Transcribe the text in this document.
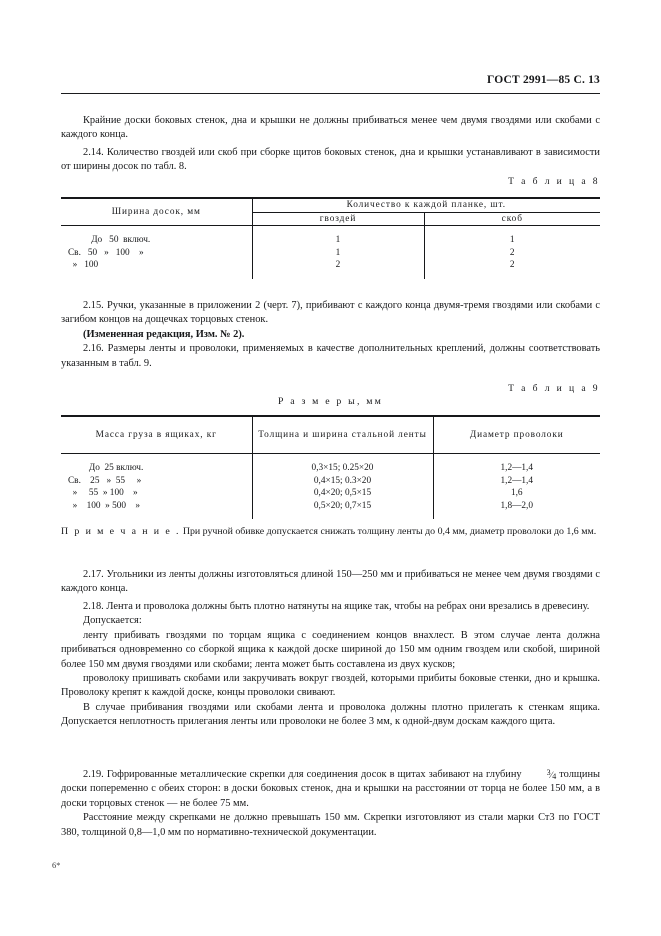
ГОСТ 2991—85 С. 13

Крайние доски боковых стенок, дна и крышки не должны прибиваться менее чем двумя гвоздями или скобами с каждого конца.

2.14. Количество гвоздей или скоб при сборке щитов боковых стенок, дна и крышки устанавливают в зависимости от ширины досок по табл. 8.

Т а б л и ц а 8
Ширина досок, мм	Количество к каждой планке, шт.	
	гвоздей	скоб
До   50  включ.	1	1
Св.   50   »   100    »	1	2
»   100	2	2

2.15. Ручки, указанные в приложении 2 (черт. 7), прибивают с каждого конца двумя-тремя гвоздями или скобами с загибом концов на дощечках торцовых стенок.

(Измененная редакция, Изм. № 2).

2.16. Размеры ленты и проволоки, применяемых в качестве дополнительных креплений, должны соответствовать указанным в табл. 9.

Т а б л и ц а 9
Р а з м е р ы, мм
Масса груза в ящиках, кг	Толщина и ширина стальной ленты	Диаметр проволоки
До  25 включ.	0,3×15; 0.25×20	1,2—1,4
Св.    25   »  55     »	0,4×15; 0.3×20	1,2—1,4
»     55  » 100    »	0,4×20; 0,5×15	1,6
»    100  » 500    »	0,5×20; 0,7×15	1,8—2,0
П р и м е ч а н и е . При ручной обивке допускается снижать толщину ленты до 0,4 мм, диаметр проволоки до 1,6 мм.

2.17. Угольники из ленты должны изготовляться длиной 150—250 мм и прибиваться не менее чем двумя гвоздями с каждого конца.

2.18. Лента и проволока должны быть плотно натянуты на ящике так, чтобы на ребрах они врезались в древесину.

Допускается:

ленту прибивать гвоздями по торцам ящика с соединением концов внахлест. В этом случае лента должна прибиваться одновременно со сборкой ящика к каждой доске шириной до 150 мм одним гвоздем или скобой, шириной более 150 мм двумя гвоздями или скобами; лента может быть составлена из двух кусков;

проволоку пришивать скобами или закручивать вокруг гвоздей, которыми прибиты боковые стенки, дно и крышка. Проволоку крепят к каждой доске, концы проволоки свивают.

В случае прибивания гвоздями или скобами лента и проволока должны плотно прилегать к стенкам ящика. Допускается неплотность прилегания ленты или проволоки не более 3 мм, к одной-двум доскам каждого щита.

2.19. Гофрированные металлические скрепки для соединения досок в щитах забивают на глубину	$^3⁄_4$ толщины доски попеременно с обеих сторон: в доски боковых стенок, дна и крышки на расстоянии от торца не более 150 мм, а в доски торцовых стенок — не более 75 мм.

Расстояние между скрепками не должно превышать 150 мм. Скрепки изготовляют из стали марки Ст3 по ГОСТ 380, толщиной 0,8—1,0 мм по нормативно-технической документации.

6*
